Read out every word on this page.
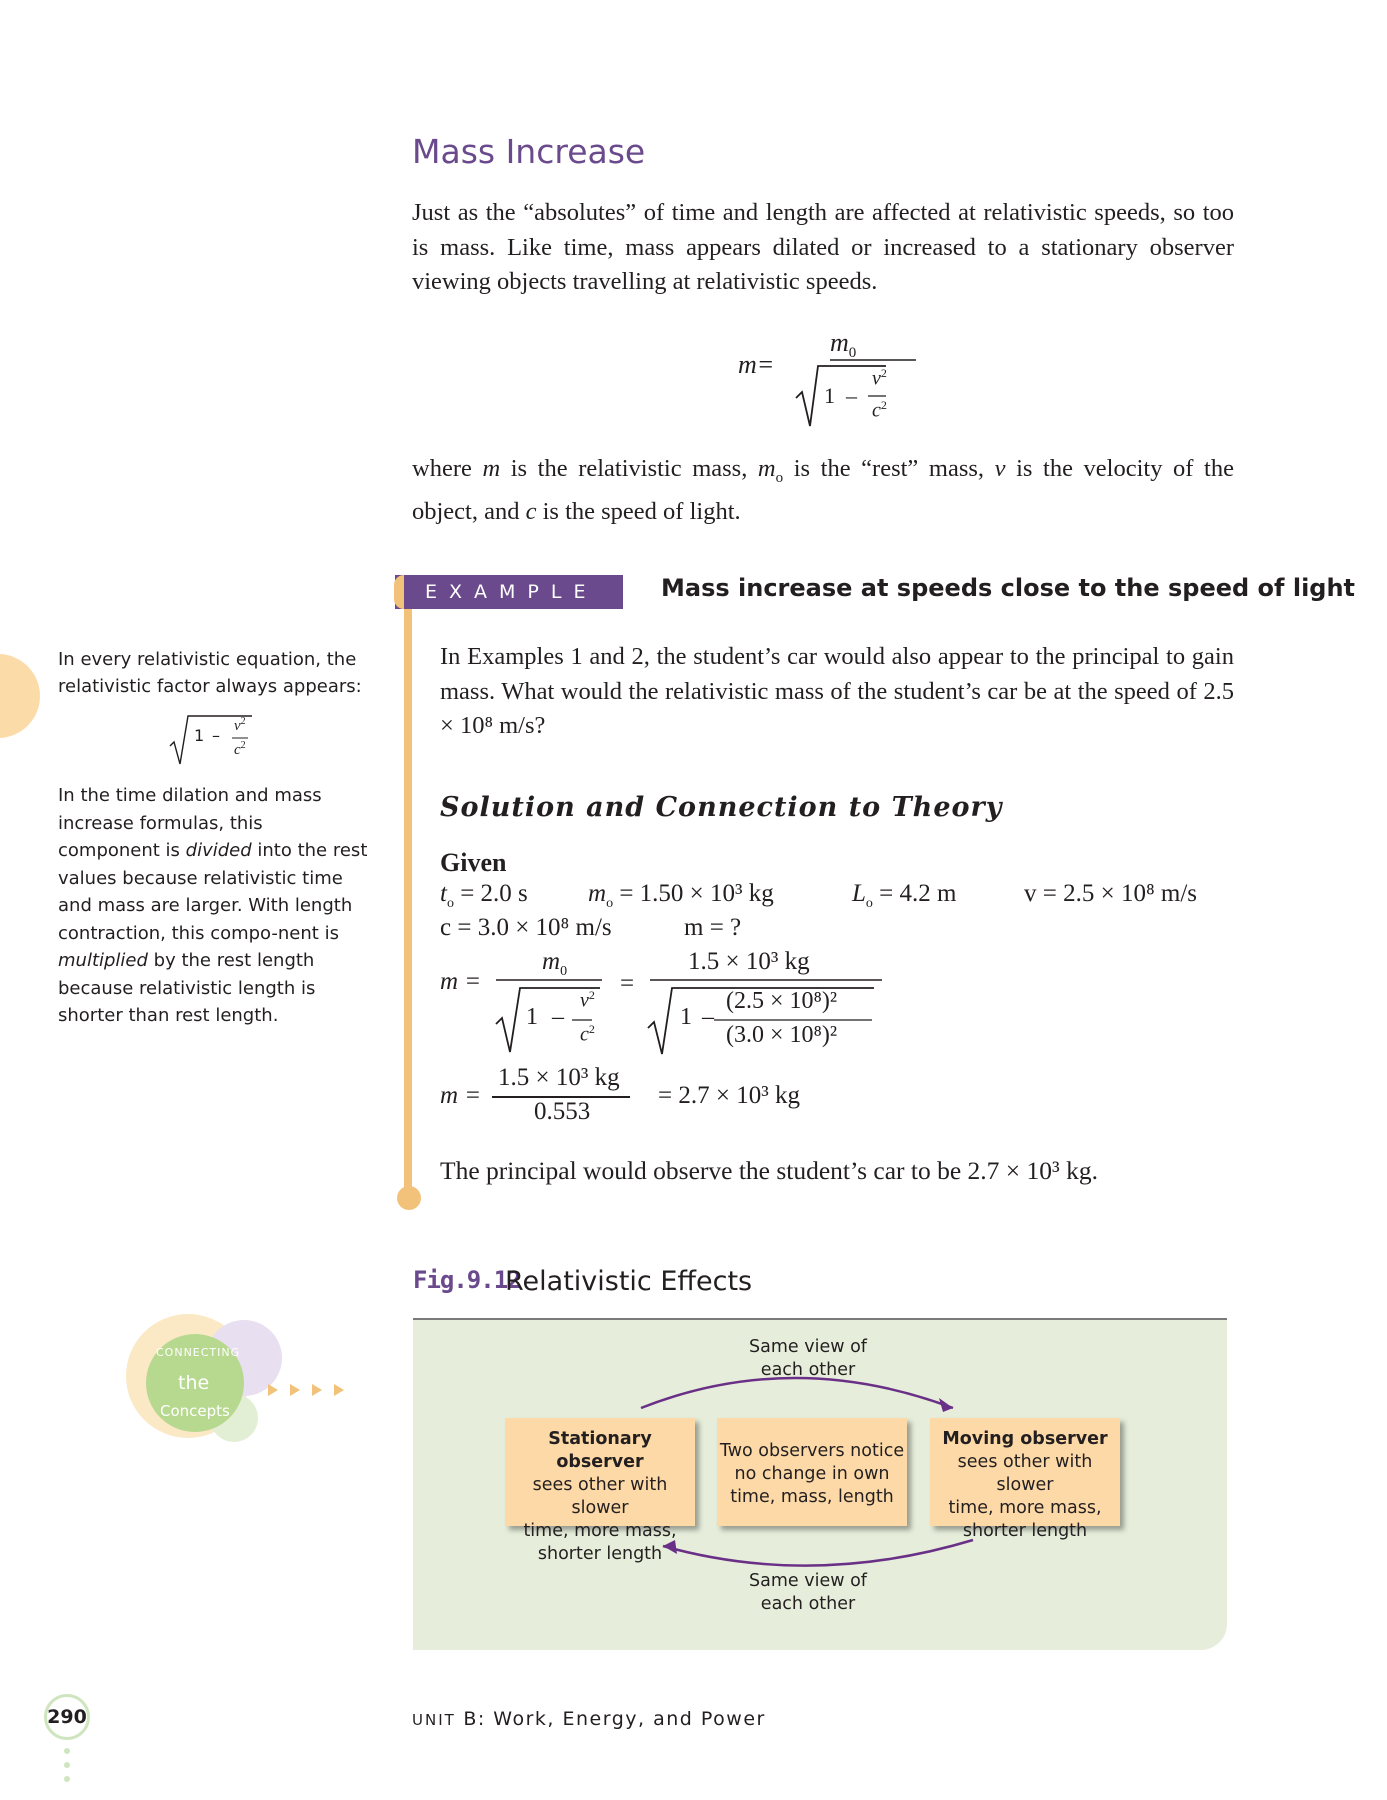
Mass Increase
Just as the “absolutes” of time and length are affected at relativistic speeds, so too is mass. Like time, mass appears dilated or increased to a stationary observer viewing objects travelling at relativistic speeds.
m=
$m_0$
1 –
$v^2$
$c^2$
where m is the relativistic mass, $m_o$ is the “rest” mass, v is the velocity of the object, and c is the speed of light.
EXAMPLE 3
Mass increase at speeds close to the speed of light
In Examples 1 and 2, the student’s car would also appear to the principal to gain mass. What would the relativistic mass of the student’s car be at the speed of 2.5 × 10⁸ m/s?
Solution and Connection to Theory
Given
$t_o = 2.0$ s $m_o = 1.50 \times 10^3$ kg	$L_o = 4.2$ m	v = 2.5 × 10⁸ m/s
c = 3.0 × 10⁸ m/s	m = ?
m =
$m_0$
1 –
$v^2$
$c^2$
=
1.5 × 10³ kg
1 –
(2.5 × 10⁸)²
(3.0 × 10⁸)²
m =
1.5 × 10³ kg
0.553
= 2.7 × 10³ kg
The principal would observe the student’s car to be 2.7 × 10³ kg.
In every relativistic equation, the relativistic factor always appears:
$1 - v^2$
$c^2$
In the time dilation and mass increase formulas, this component is divided into the rest values because relativistic time and mass are larger. With length contraction, this compo-nent is multiplied by the rest length because relativistic length is shorter than rest length.
CONNECTING
the
Concepts
Fig.9.12
Relativistic Effects
Same view of
each other
Same view of
each other
Stationary observer
sees other with slower
time, more mass,
shorter length
Two observers notice
no change in own
time, mass, length
Moving observer
sees other with slower
time, more mass,
shorter length
290	UNIT B: Work, Energy, and Power
